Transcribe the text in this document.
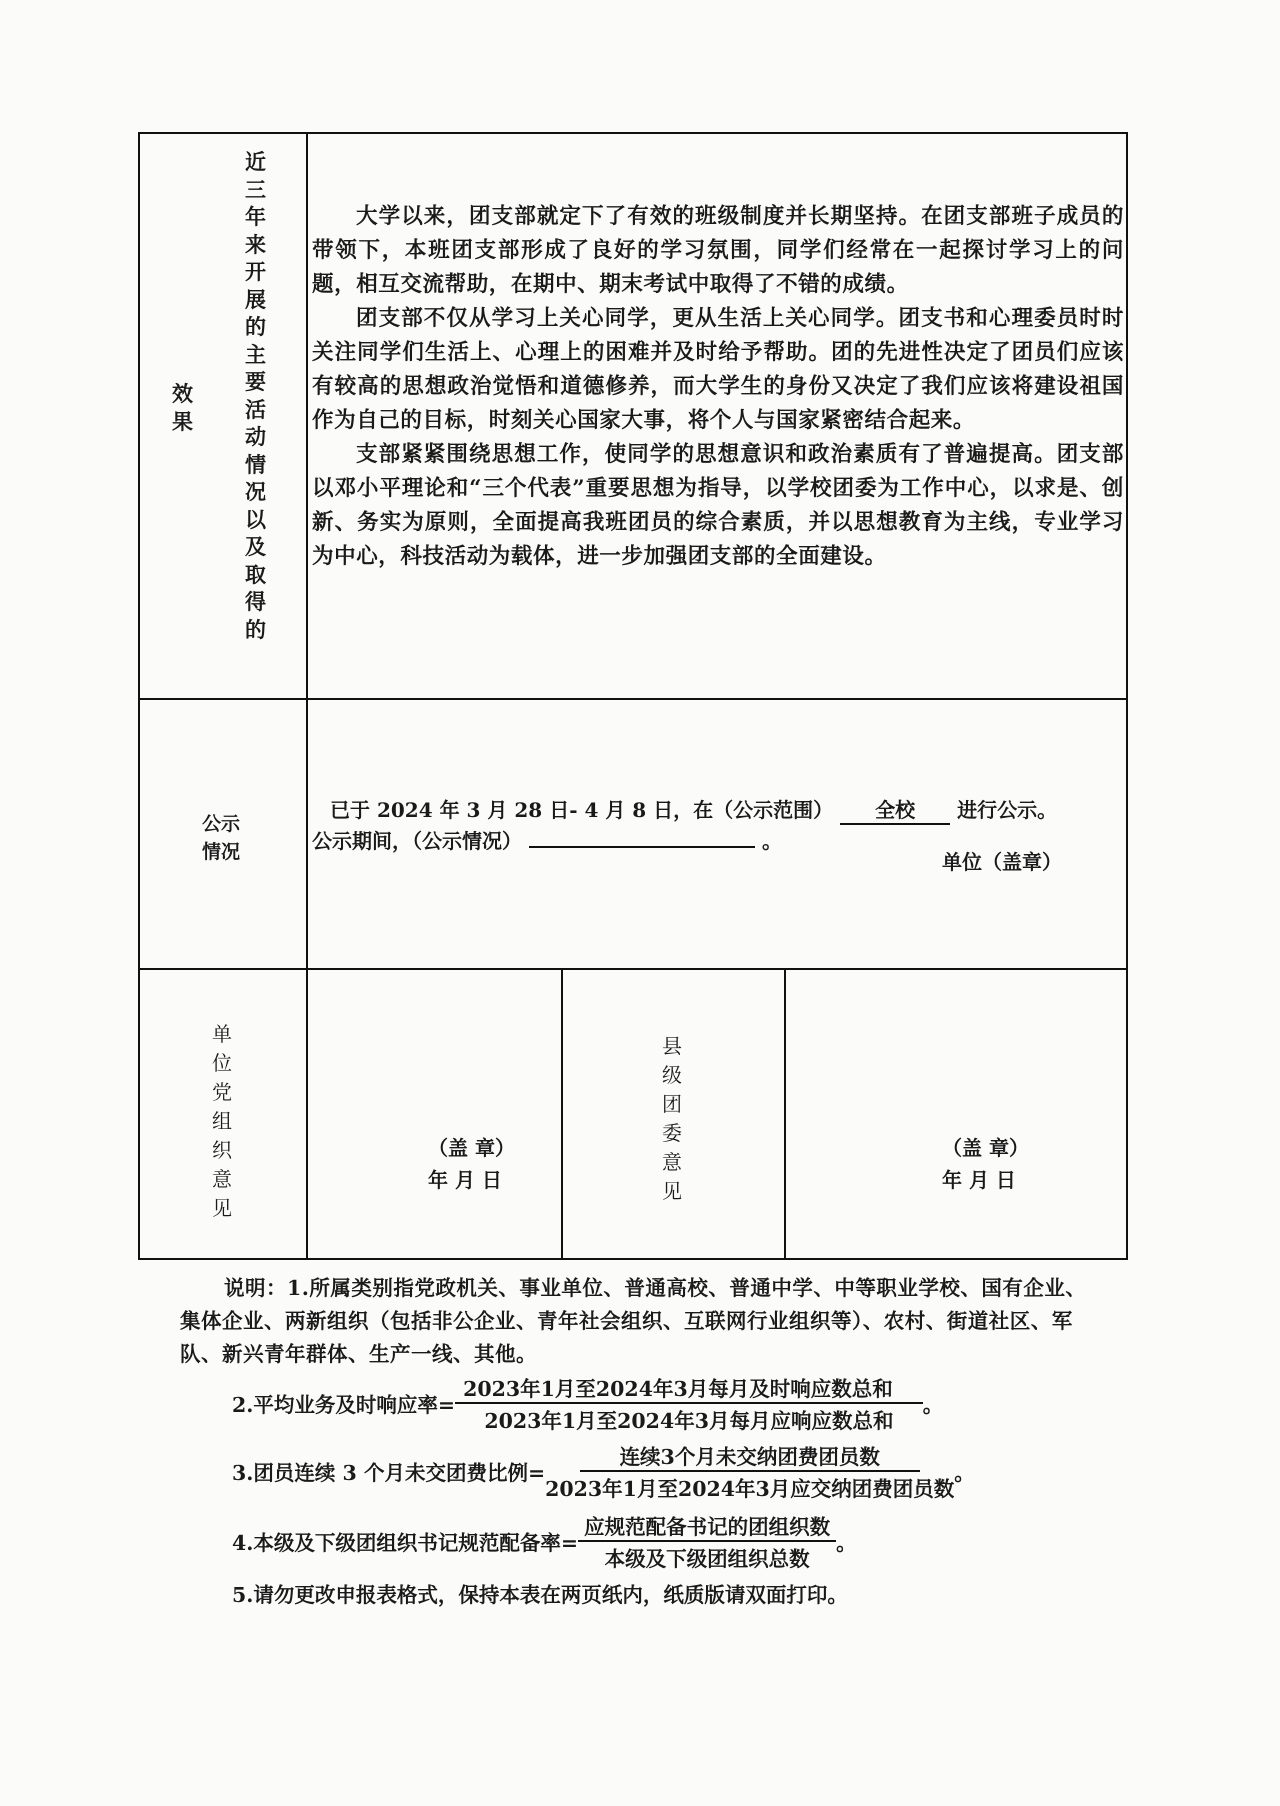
效
果
近
三
年
来
开
展
的
主
要
活
动
情
况
以
及
取
得
的

大学以来，团支部就定下了有效的班级制度并长期坚持。在团支部班子成员的带领下，本班团支部形成了良好的学习氛围，同学们经常在一起探讨学习上的问题，相互交流帮助，在期中、期末考试中取得了不错的成绩。

团支部不仅从学习上关心同学，更从生活上关心同学。团支书和心理委员时时关注同学们生活上、心理上的困难并及时给予帮助。团的先进性决定了团员们应该有较高的思想政治觉悟和道德修养，而大学生的身份又决定了我们应该将建设祖国作为自己的目标，时刻关心国家大事，将个人与国家紧密结合起来。

支部紧紧围绕思想工作，使同学的思想意识和政治素质有了普遍提高。团支部以邓小平理论和“三个代表”重要思想为指导，以学校团委为工作中心，以求是、创新、务实为原则，全面提高我班团员的综合素质，并以思想教育为主线，专业学习为中心，科技活动为载体，进一步加强团支部的全面建设。

公示
情况
已于 2024 年 3 月 28 日- 4 月 8 日，在（公示范围） 全校 进行公示。
公示期间，（公示情况）	。
单位（盖章）
单
位
党
组
织
意
见
（盖 章）
年 月 日
县
级
团
委
意
见
（盖 章）
年 月 日
说明：1.所属类别指党政机关、事业单位、普通高校、普通中学、中等职业学校、国有企业、集体企业、两新组织（包括非公企业、青年社会组织、互联网行业组织等）、农村、街道社区、军队、新兴青年群体、生产一线、其他。
2.平均业务及时响应率= $\frac{\text{2023年1月至2024年3月每月及时响应数总和}}{\text{2023年1月至2024年3月每月应响应数总和}}$ 。
3.团员连续 3 个月未交团费比例= $\frac{\text{连续3个月未交纳团费团员数}}{\text{2023年1月至2024年3月应交纳团费团员数}}$ 。
4.本级及下级团组织书记规范配备率= $\frac{\text{应规范配备书记的团组织数}}{\text{本级及下级团组织总数}}$ 。
5.请勿更改申报表格式，保持本表在两页纸内，纸质版请双面打印。
